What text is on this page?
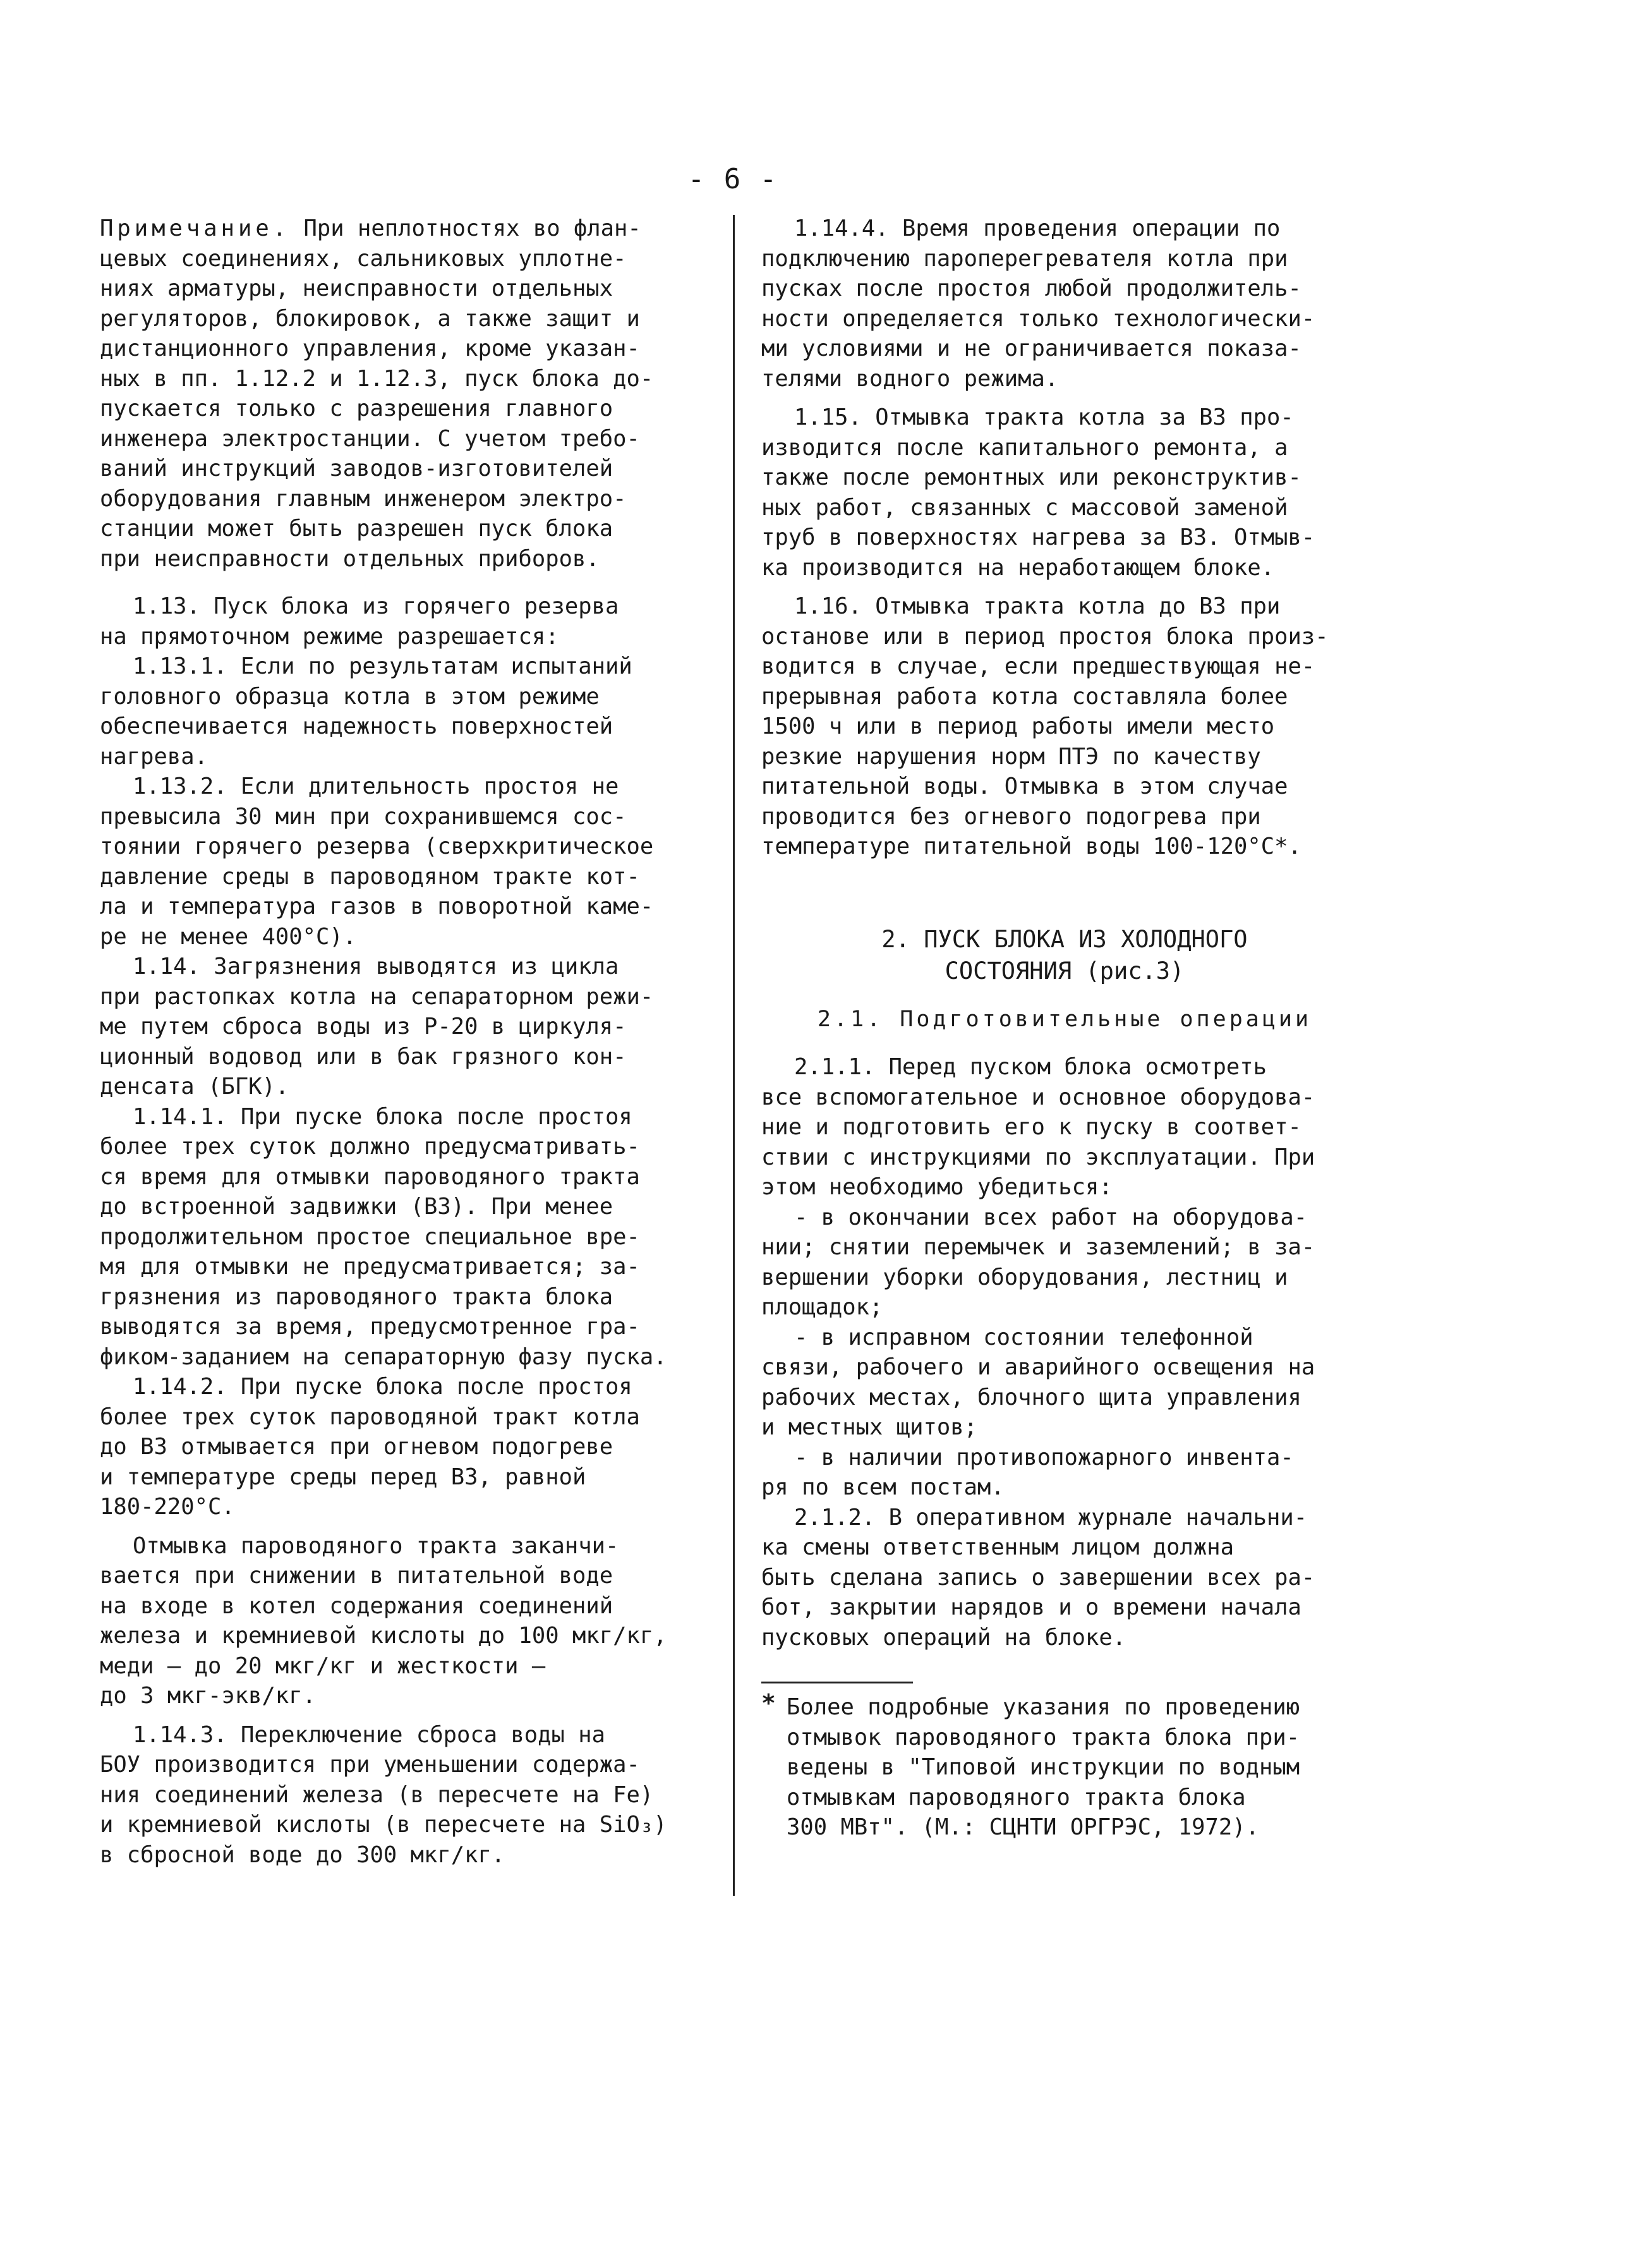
- 6 -

Примечание. При неплотностях во флан-
цевых соединениях, сальниковых уплотне-
ниях арматуры, неисправности отдельных
регуляторов, блокировок, а также защит и
дистанционного управления, кроме указан-
ных в пп. 1.12.2 и 1.12.3, пуск блока до-
пускается только с разрешения главного
инженера электростанции. С учетом требо-
ваний инструкций заводов-изготовителей
оборудования главным инженером электро-
станции может быть разрешен пуск блока
при неисправности отдельных приборов.

1.13. Пуск блока из горячего резерва
на прямоточном режиме разрешается:

1.13.1. Если по результатам испытаний
головного образца котла в этом режиме
обеспечивается надежность поверхностей
нагрева.

1.13.2. Если длительность простоя не
превысила 30 мин при сохранившемся сос-
тоянии горячего резерва (сверхкритическое
давление среды в пароводяном тракте кот-
ла и температура газов в поворотной каме-
ре не менее 400°С).

1.14. Загрязнения выводятся из цикла
при растопках котла на сепараторном режи-
ме путем сброса воды из Р-20 в циркуля-
ционный водовод или в бак грязного кон-
денсата (БГК).

1.14.1. При пуске блока после простоя
более трех суток должно предусматривать-
ся время для отмывки пароводяного тракта
до встроенной задвижки (ВЗ). При менее
продолжительном простое специальное вре-
мя для отмывки не предусматривается; за-
грязнения из пароводяного тракта блока
выводятся за время, предусмотренное гра-
фиком-заданием на сепараторную фазу пуска.

1.14.2. При пуске блока после простоя
более трех суток пароводяной тракт котла
до ВЗ отмывается при огневом подогреве
и температуре среды перед ВЗ, равной
180-220°С.

Отмывка пароводяного тракта заканчи-
вается при снижении в питательной воде
на входе в котел содержания соединений
железа и кремниевой кислоты до 100 мкг/кг,
меди — до 20 мкг/кг и жесткости —
до 3 мкг-экв/кг.

1.14.3. Переключение сброса воды на
БОУ производится при уменьшении содержа-
ния соединений железа (в пересчете на Fe)
и кремниевой кислоты (в пересчете на SiO₃)
в сбросной воде до 300 мкг/кг.

1.14.4. Время проведения операции по
подключению пароперегревателя котла при
пусках после простоя любой продолжитель-
ности определяется только технологически-
ми условиями и не ограничивается показа-
телями водного режима.

1.15. Отмывка тракта котла за ВЗ про-
изводится после капитального ремонта, а
также после ремонтных или реконструктив-
ных работ, связанных с массовой заменой
труб в поверхностях нагрева за ВЗ. Отмыв-
ка производится на неработающем блоке.

1.16. Отмывка тракта котла до ВЗ при
останове или в период простоя блока произ-
водится в случае, если предшествующая не-
прерывная работа котла составляла более
1500 ч или в период работы имели место
резкие нарушения норм ПТЭ по качеству
питательной воды. Отмывка в этом случае
проводится без огневого подогрева при
температуре питательной воды 100-120°С*.

2. ПУСК БЛОКА ИЗ ХОЛОДНОГО
СОСТОЯНИЯ (рис.3)

2.1. Подготовительные операции

2.1.1. Перед пуском блока осмотреть
все вспомогательное и основное оборудова-
ние и подготовить его к пуску в соответ-
ствии с инструкциями по эксплуатации. При
этом необходимо убедиться:

- в окончании всех работ на оборудова-
нии; снятии перемычек и заземлений; в за-
вершении уборки оборудования, лестниц и
площадок;

- в исправном состоянии телефонной
связи, рабочего и аварийного освещения на
рабочих местах, блочного щита управления
и местных щитов;

- в наличии противопожарного инвента-
ря по всем постам.

2.1.2. В оперативном журнале начальни-
ка смены ответственным лицом должна
быть сделана запись о завершении всех ра-
бот, закрытии нарядов и о времени начала
пусковых операций на блоке.

* Более подробные указания по проведению
отмывок пароводяного тракта блока при-
ведены в "Типовой инструкции по водным
отмывкам пароводяного тракта блока
300 МВт". (М.: СЦНТИ ОРГРЭС, 1972).
